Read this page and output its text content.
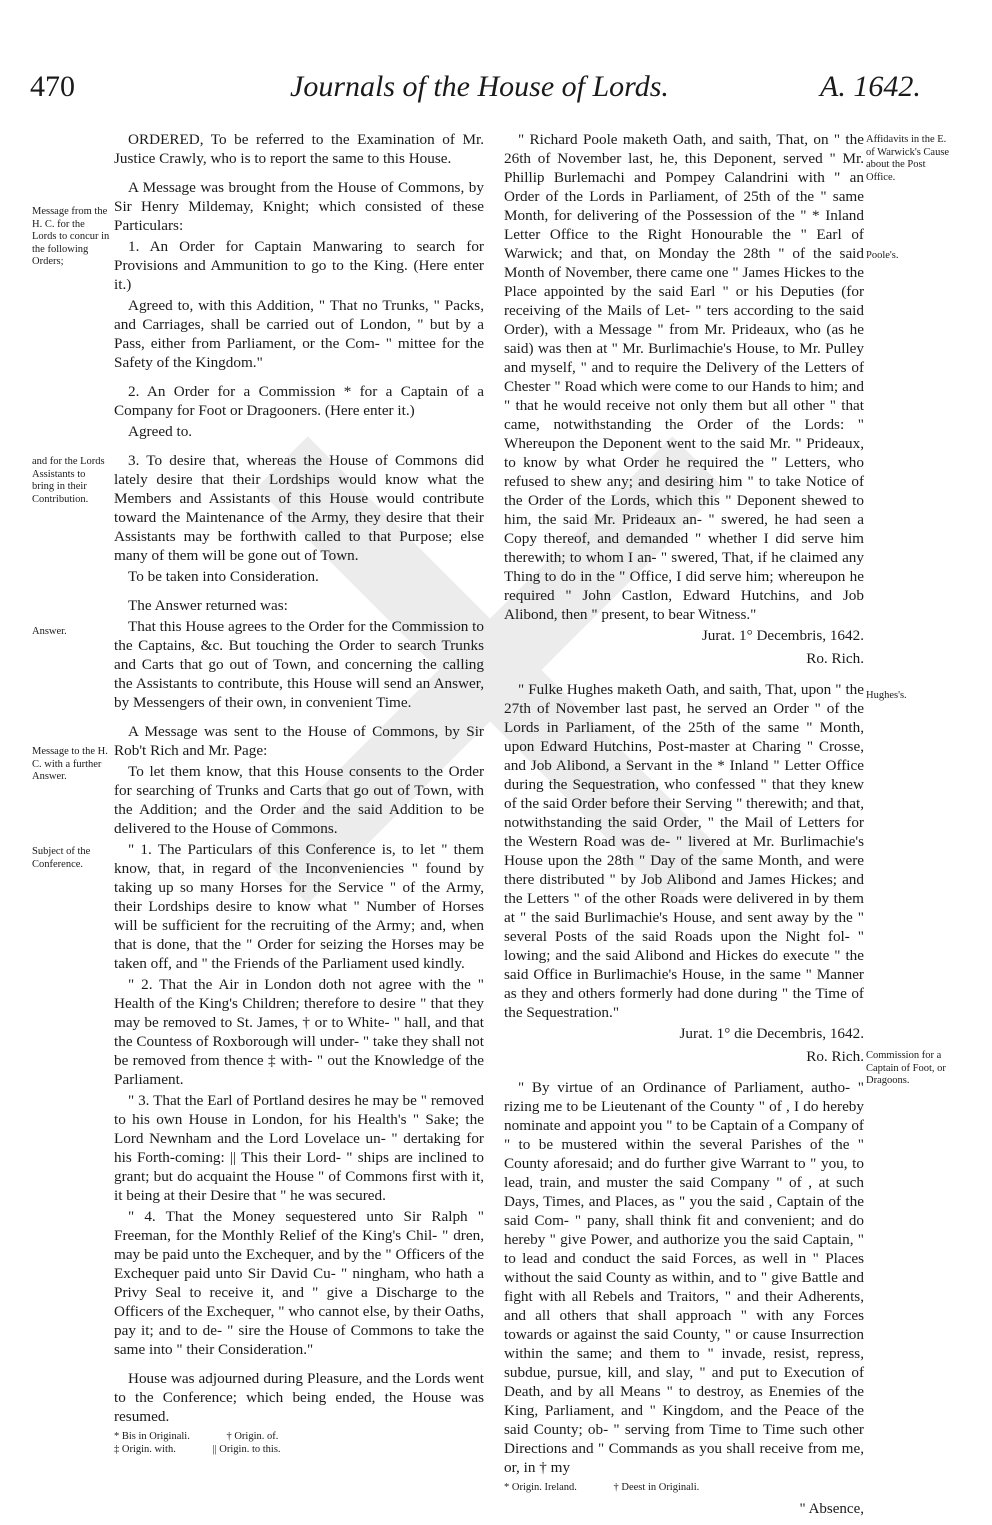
470	Journals of the House of Lords.	A. 1642.
Message from the H. C. for the Lords to concur in the following Orders;
and for the Lords Assistants to bring in their Contribution.
Answer.
Message to the H. C. with a further Answer.
Subject of the Conference.
Affidavits in the E. of Warwick's Cause about the Post Office.
Poole's.
Hughes's.
Commission for a Captain of Foot, or Dragoons.

ORDERED, To be referred to the Examination of Mr. Justice Crawly, who is to report the same to this House.

A Message was brought from the House of Commons, by Sir Henry Mildemay, Knight; which consisted of these Particulars:

1. An Order for Captain Manwaring to search for Provisions and Ammunition to go to the King. (Here enter it.)

Agreed to, with this Addition, " That no Trunks, " Packs, and Carriages, shall be carried out of London, " but by a Pass, either from Parliament, or the Com- " mittee for the Safety of the Kingdom."

2. An Order for a Commission * for a Captain of a Company for Foot or Dragooners. (Here enter it.)

Agreed to.

3. To desire that, whereas the House of Commons did lately desire that their Lordships would know what the Members and Assistants of this House would contribute toward the Maintenance of the Army, they desire that their Assistants may be forthwith called to that Purpose; else many of them will be gone out of Town.

To be taken into Consideration.

The Answer returned was:

That this House agrees to the Order for the Commission to the Captains, &c. But touching the Order to search Trunks and Carts that go out of Town, and concerning the calling the Assistants to contribute, this House will send an Answer, by Messengers of their own, in convenient Time.

A Message was sent to the House of Commons, by Sir Rob't Rich and Mr. Page:

To let them know, that this House consents to the Order for searching of Trunks and Carts that go out of Town, with the Addition; and the Order and the said Addition to be delivered to the House of Commons.

" 1. The Particulars of this Conference is, to let " them know, that, in regard of the Inconveniencies " found by taking up so many Horses for the Service " of the Army, their Lordships desire to know what " Number of Horses will be sufficient for the recruiting of the Army; and, when that is done, that the " Order for seizing the Horses may be taken off, and " the Friends of the Parliament used kindly.

" 2. That the Air in London doth not agree with the " Health of the King's Children; therefore to desire " that they may be removed to St. James, † or to White- " hall, and that the Countess of Roxborough will under- " take they shall not be removed from thence ‡ with- " out the Knowledge of the Parliament.

" 3. That the Earl of Portland desires he may be " removed to his own House in London, for his Health's " Sake; the Lord Newnham and the Lord Lovelace un- " dertaking for his Forth-coming: || This their Lord- " ships are inclined to grant; but do acquaint the House " of Commons first with it, it being at their Desire that " he was secured.

" 4. That the Money sequestered unto Sir Ralph " Freeman, for the Monthly Relief of the King's Chil- " dren, may be paid unto the Exchequer, and by the " Officers of the Exchequer paid unto Sir David Cu- " ningham, who hath a Privy Seal to receive it, and " give a Discharge to the Officers of the Exchequer, " who cannot else, by their Oaths, pay it; and to de- " sire the House of Commons to take the same into " their Consideration."

House was adjourned during Pleasure, and the Lords went to the Conference; which being ended, the House was resumed.

* Bis in Originali.	† Origin. of.
‡ Origin. with.	|| Origin. to this.

" Richard Poole maketh Oath, and saith, That, on " the 26th of November last, he, this Deponent, served " Mr. Phillip Burlemachi and Pompey Calandrini with " an Order of the Lords in Parliament, of 25th of the " same Month, for delivering of the Possession of the " * Inland Letter Office to the Right Honourable the " Earl of Warwick; and that, on Monday the 28th " of the said Month of November, there came one " James Hickes to the Place appointed by the said Earl " or his Deputies (for receiving of the Mails of Let- " ters according to the said Order), with a Message " from Mr. Prideaux, who (as he said) was then at " Mr. Burlimachie's House, to Mr. Pulley and myself, " and to require the Delivery of the Letters of Chester " Road which were come to our Hands to him; and " that he would receive not only them but all other " that came, notwithstanding the Order of the Lords: " Whereupon the Deponent went to the said Mr. " Prideaux, to know by what Order he required the " Letters, who refused to shew any; and desiring him " to take Notice of the Order of the Lords, which this " Deponent shewed to him, the said Mr. Prideaux an- " swered, he had seen a Copy thereof, and demanded " whether I did serve him therewith; to whom I an- " swered, That, if he claimed any Thing to do in the " Office, I did serve him; whereupon he required " John Castlon, Edward Hutchins, and Job Alibond, then " present, to bear Witness."

Jurat. 1° Decembris, 1642.

Ro. Rich.

" Fulke Hughes maketh Oath, and saith, That, upon " the 27th of November last past, he served an Order " of the Lords in Parliament, of the 25th of the same " Month, upon Edward Hutchins, Post-master at Charing " Crosse, and Job Alibond, a Servant in the * Inland " Letter Office during the Sequestration, who confessed " that they knew of the said Order before their Serving " therewith; and that, notwithstanding the said Order, " the Mail of Letters for the Western Road was de- " livered at Mr. Burlimachie's House upon the 28th " Day of the same Month, and were there distributed " by Job Alibond and James Hickes; and the Letters " of the other Roads were delivered in by them at " the said Burlimachie's House, and sent away by the " several Posts of the said Roads upon the Night fol- " lowing; and the said Alibond and Hickes do execute " the said Office in Burlimachie's House, in the same " Manner as they and others formerly had done during " the Time of the Sequestration."

Jurat. 1° die Decembris, 1642.

Ro. Rich.

" By virtue of an Ordinance of Parliament, autho- " rizing me to be Lieutenant of the County " of , I do hereby nominate and appoint you " to be Captain of a Company of " to be mustered within the several Parishes of the " County aforesaid; and do further give Warrant to " you, to lead, train, and muster the said Company " of , at such Days, Times, and Places, as " you the said , Captain of the said Com- " pany, shall think fit and convenient; and do hereby " give Power, and authorize you the said Captain, " to lead and conduct the said Forces, as well in " Places without the said County as within, and to " give Battle and fight with all Rebels and Traitors, " and their Adherents, and all others that shall approach " with any Forces towards or against the said County, " or cause Insurrection within the same; and them to " invade, resist, repress, subdue, pursue, kill, and slay, " and put to Execution of Death, and by all Means " to destroy, as Enemies of the King, Parliament, and " Kingdom, and the Peace of the said County; ob- " serving from Time to Time such other Directions and " Commands as you shall receive from me, or, in † my

* Origin. Ireland.	† Deest in Originali.
" Absence,
